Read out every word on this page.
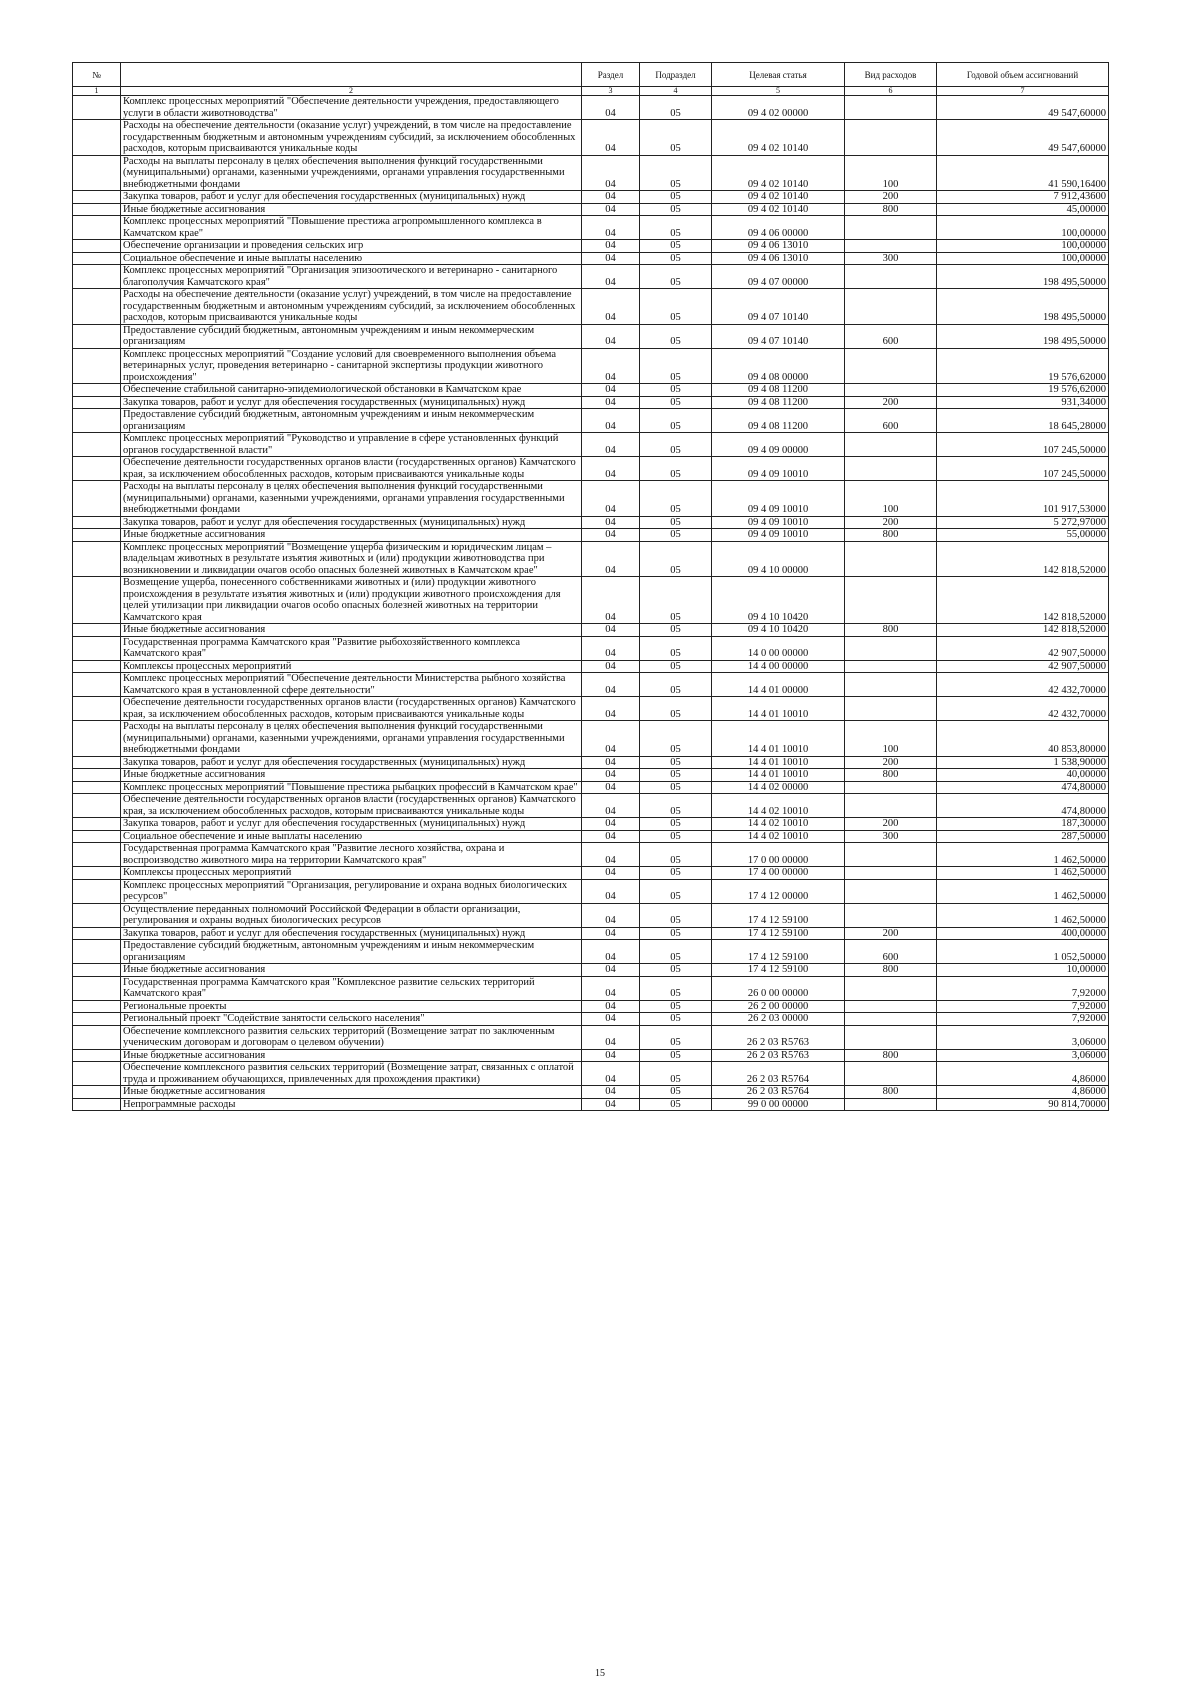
№		Раздел	Подраздел	Целевая статья	Вид расходов	Годовой объем ассигнований
1	2	3	4	5	6	7
	Комплекс процессных мероприятий "Обеспечение деятельности учреждения, предоставляющего услуги в области животноводства"	04	05	09 4 02 00000		49 547,60000
	Расходы на обеспечение деятельности (оказание услуг) учреждений, в том числе на предоставление государственным бюджетным и автономным учреждениям субсидий, за исключением обособленных расходов, которым присваиваются уникальные коды	04	05	09 4 02 10140		49 547,60000
	Расходы на выплаты персоналу в целях обеспечения выполнения функций государственными (муниципальными) органами, казенными учреждениями, органами управления государственными внебюджетными фондами	04	05	09 4 02 10140	100	41 590,16400
	Закупка товаров, работ и услуг для обеспечения государственных (муниципальных) нужд	04	05	09 4 02 10140	200	7 912,43600
	Иные бюджетные ассигнования	04	05	09 4 02 10140	800	45,00000
	Комплекс процессных мероприятий "Повышение престижа агропромышленного комплекса в Камчатском крае"	04	05	09 4 06 00000		100,00000
	Обеспечение организации и проведения сельских игр	04	05	09 4 06 13010		100,00000
	Социальное обеспечение и иные выплаты населению	04	05	09 4 06 13010	300	100,00000
	Комплекс процессных мероприятий "Организация эпизоотического и ветеринарно - санитарного благополучия Камчатского края"	04	05	09 4 07 00000		198 495,50000
	Расходы на обеспечение деятельности (оказание услуг) учреждений, в том числе на предоставление государственным бюджетным и автономным учреждениям субсидий, за исключением обособленных расходов, которым присваиваются уникальные коды	04	05	09 4 07 10140		198 495,50000
	Предоставление субсидий бюджетным, автономным учреждениям и иным некоммерческим организациям	04	05	09 4 07 10140	600	198 495,50000
	Комплекс процессных мероприятий "Создание условий для своевременного выполнения объема ветеринарных услуг, проведения ветеринарно - санитарной экспертизы продукции животного происхождения"	04	05	09 4 08 00000		19 576,62000
	Обеспечение стабильной санитарно-эпидемиологической обстановки в Камчатском крае	04	05	09 4 08 11200		19 576,62000
	Закупка товаров, работ и услуг для обеспечения государственных (муниципальных) нужд	04	05	09 4 08 11200	200	931,34000
	Предоставление субсидий бюджетным, автономным учреждениям и иным некоммерческим организациям	04	05	09 4 08 11200	600	18 645,28000
	Комплекс процессных мероприятий "Руководство и управление в сфере установленных функций органов государственной власти"	04	05	09 4 09 00000		107 245,50000
	Обеспечение деятельности государственных органов власти (государственных органов) Камчатского края, за исключением обособленных расходов, которым присваиваются уникальные коды	04	05	09 4 09 10010		107 245,50000
	Расходы на выплаты персоналу в целях обеспечения выполнения функций государственными (муниципальными) органами, казенными учреждениями, органами управления государственными внебюджетными фондами	04	05	09 4 09 10010	100	101 917,53000
	Закупка товаров, работ и услуг для обеспечения государственных (муниципальных) нужд	04	05	09 4 09 10010	200	5 272,97000
	Иные бюджетные ассигнования	04	05	09 4 09 10010	800	55,00000
	Комплекс процессных мероприятий "Возмещение ущерба физическим и юридическим лицам – владельцам животных в результате изъятия животных и (или) продукции животноводства при возникновении и ликвидации очагов особо опасных болезней животных в Камчатском крае"	04	05	09 4 10 00000		142 818,52000
	Возмещение ущерба, понесенного собственниками животных и (или) продукции животного происхождения в результате изъятия животных и (или) продукции животного происхождения для целей утилизации при ликвидации очагов особо опасных болезней животных на территории Камчатского края	04	05	09 4 10 10420		142 818,52000
	Иные бюджетные ассигнования	04	05	09 4 10 10420	800	142 818,52000
	Государственная программа Камчатского края "Развитие рыбохозяйственного комплекса Камчатского края"	04	05	14 0 00 00000		42 907,50000
	Комплексы процессных мероприятий	04	05	14 4 00 00000		42 907,50000
	Комплекс процессных мероприятий "Обеспечение деятельности Министерства рыбного хозяйства Камчатского края в установленной сфере деятельности"	04	05	14 4 01 00000		42 432,70000
	Обеспечение деятельности государственных органов власти (государственных органов) Камчатского края, за исключением обособленных расходов, которым присваиваются уникальные коды	04	05	14 4 01 10010		42 432,70000
	Расходы на выплаты персоналу в целях обеспечения выполнения функций государственными (муниципальными) органами, казенными учреждениями, органами управления государственными внебюджетными фондами	04	05	14 4 01 10010	100	40 853,80000
	Закупка товаров, работ и услуг для обеспечения государственных (муниципальных) нужд	04	05	14 4 01 10010	200	1 538,90000
	Иные бюджетные ассигнования	04	05	14 4 01 10010	800	40,00000
	Комплекс процессных мероприятий "Повышение престижа рыбацких профессий в Камчатском крае"	04	05	14 4 02 00000		474,80000
	Обеспечение деятельности государственных органов власти (государственных органов) Камчатского края, за исключением обособленных расходов, которым присваиваются уникальные коды	04	05	14 4 02 10010		474,80000
	Закупка товаров, работ и услуг для обеспечения государственных (муниципальных) нужд	04	05	14 4 02 10010	200	187,30000
	Социальное обеспечение и иные выплаты населению	04	05	14 4 02 10010	300	287,50000
	Государственная программа Камчатского края "Развитие лесного хозяйства, охрана и воспроизводство животного мира на территории Камчатского края"	04	05	17 0 00 00000		1 462,50000
	Комплексы процессных мероприятий	04	05	17 4 00 00000		1 462,50000
	Комплекс процессных мероприятий "Организация, регулирование и охрана водных биологических ресурсов"	04	05	17 4 12 00000		1 462,50000
	Осуществление переданных полномочий Российской Федерации в области организации, регулирования и охраны водных биологических ресурсов	04	05	17 4 12 59100		1 462,50000
	Закупка товаров, работ и услуг для обеспечения государственных (муниципальных) нужд	04	05	17 4 12 59100	200	400,00000
	Предоставление субсидий бюджетным, автономным учреждениям и иным некоммерческим организациям	04	05	17 4 12 59100	600	1 052,50000
	Иные бюджетные ассигнования	04	05	17 4 12 59100	800	10,00000
	Государственная программа Камчатского края "Комплексное развитие сельских территорий Камчатского края"	04	05	26 0 00 00000		7,92000
	Региональные проекты	04	05	26 2 00 00000		7,92000
	Региональный проект "Содействие занятости сельского населения"	04	05	26 2 03 00000		7,92000
	Обеспечение комплексного развития сельских территорий (Возмещение затрат по заключенным ученическим договорам и договорам о целевом обучении)	04	05	26 2 03 R5763		3,06000
	Иные бюджетные ассигнования	04	05	26 2 03 R5763	800	3,06000
	Обеспечение комплексного развития сельских территорий (Возмещение затрат, связанных с оплатой труда и проживанием обучающихся, привлеченных для прохождения практики)	04	05	26 2 03 R5764		4,86000
	Иные бюджетные ассигнования	04	05	26 2 03 R5764	800	4,86000
	Непрограммные расходы	04	05	99 0 00 00000		90 814,70000
15
